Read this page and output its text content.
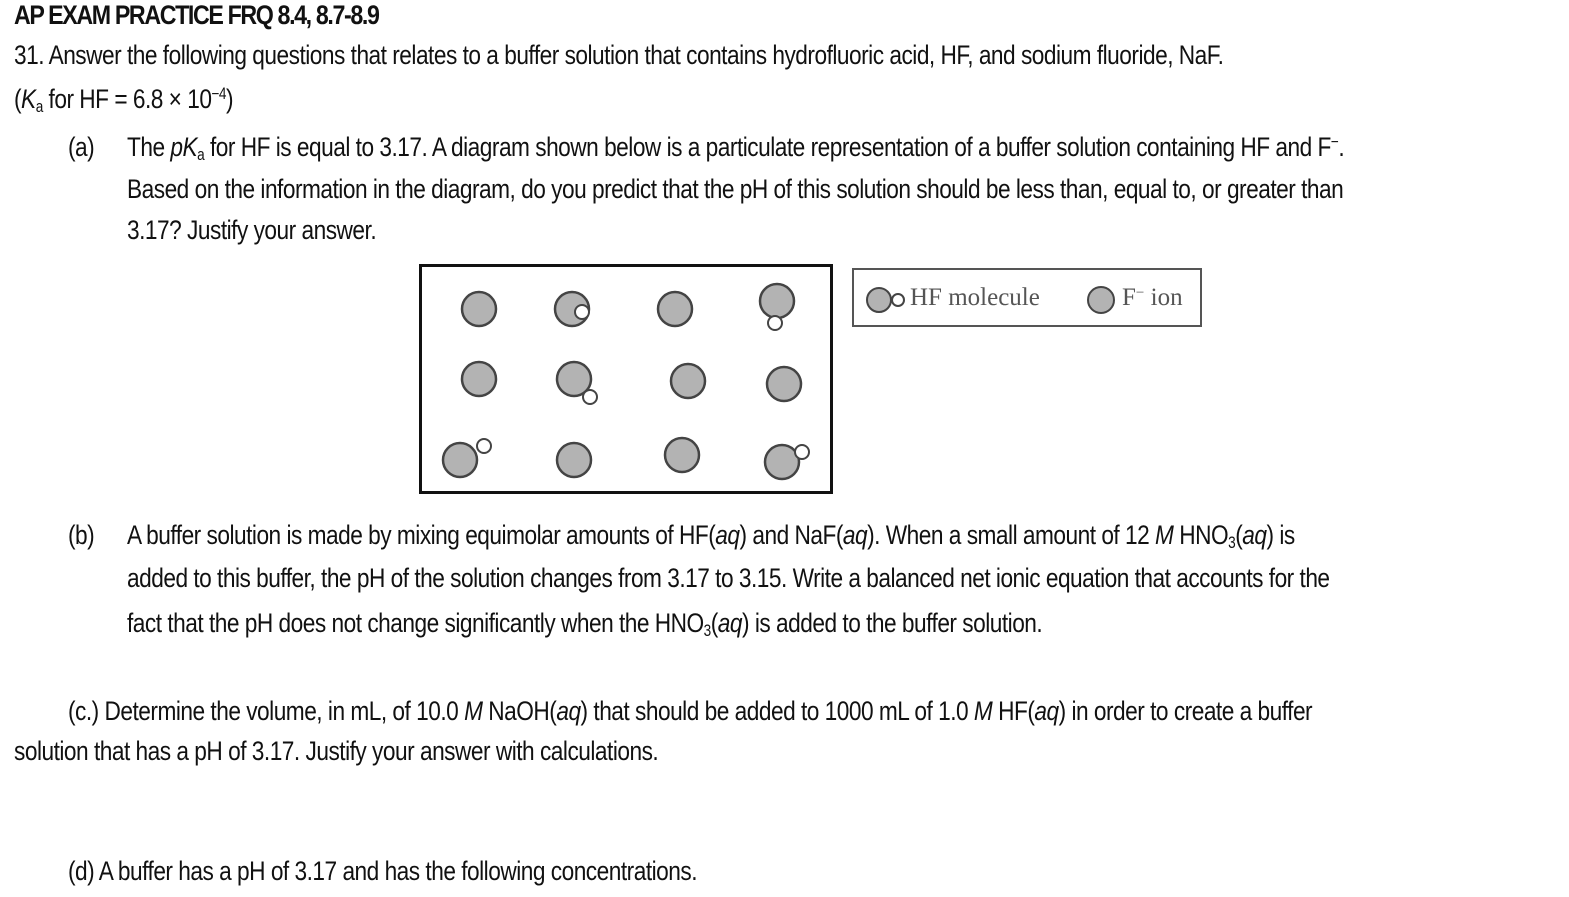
AP EXAM PRACTICE FRQ 8.4, 8.7-8.9
31. Answer the following questions that relates to a buffer solution that contains hydrofluoric acid, HF, and sodium fluoride, NaF.
($K_a$ for HF = $6.8 \times 10^{-4}$)
(a) The $pK_a$ for HF is equal to 3.17. A diagram shown below is a particulate representation of a buffer solution containing HF and F−.
Based on the information in the diagram, do you predict that the pH of this solution should be less than, equal to, or greater than
3.17? Justify your answer.
HF molecule	F− ion
(b) A buffer solution is made by mixing equimolar amounts of HF(aq) and NaF(aq). When a small amount of 12 M $HNO_3(aq)$ is
added to this buffer, the pH of the solution changes from 3.17 to 3.15. Write a balanced net ionic equation that accounts for the
fact that the pH does not change significantly when the $HNO_3(aq)$ is added to the buffer solution.
(c.) Determine the volume, in mL, of 10.0 M NaOH(aq) that should be added to 1000 mL of 1.0 M HF(aq) in order to create a buffer
solution that has a pH of 3.17. Justify your answer with calculations.
(d) A buffer has a pH of 3.17 and has the following concentrations.
